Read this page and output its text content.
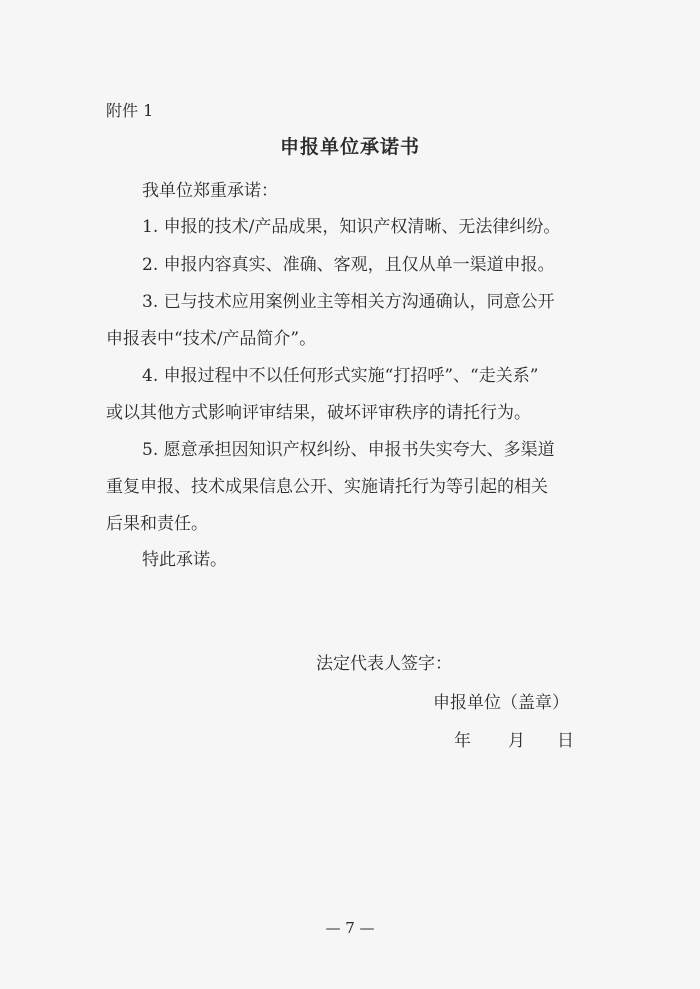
附件 1
申报单位承诺书
我单位郑重承诺：
1. 申报的技术/产品成果，知识产权清晰、无法律纠纷。
2. 申报内容真实、准确、客观，且仅从单一渠道申报。
3. 已与技术应用案例业主等相关方沟通确认，同意公开
申报表中“技术/产品简介”。
4. 申报过程中不以任何形式实施“打招呼”、“走关系”
或以其他方式影响评审结果，破坏评审秩序的请托行为。
5. 愿意承担因知识产权纠纷、申报书失实夸大、多渠道
重复申报、技术成果信息公开、实施请托行为等引起的相关
后果和责任。
特此承诺。
法定代表人签字：
申报单位（盖章）
年 月 日
— 7 —
